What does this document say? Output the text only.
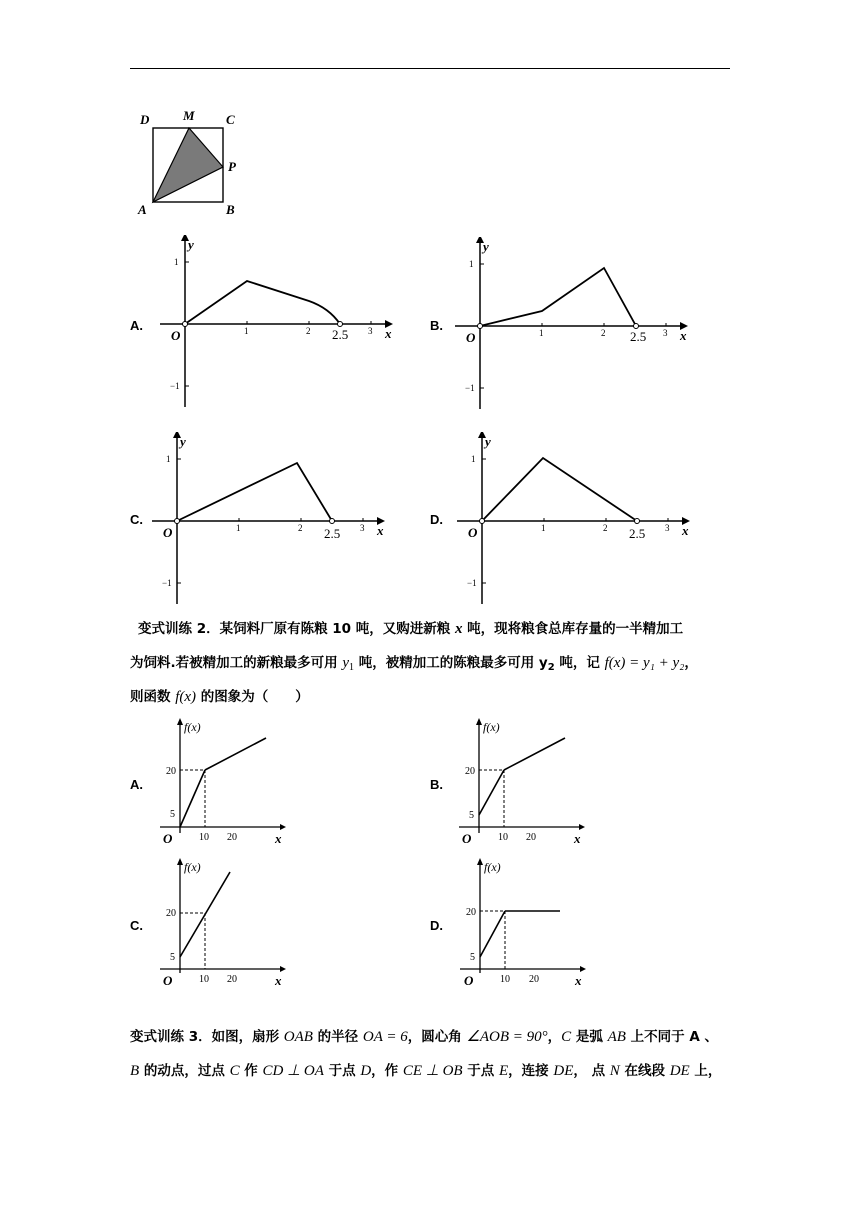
D	M C
P
A	B
A.	1	2	3
1
−1
2.5
y
x
O
B.	1	2	3
1
−1
2.5
y
x
O
C.
1	2	3
1
−1
2.5
y
x
O
D.
1	2	3
1
−1
2.5
y
x
O
变式训练 2．某饲料厂原有陈粮 10 吨，又购进新粮 x 吨，现将粮食总库存量的一半精加工
为饲料.若被精加工的新粮最多可用 $y_1$ 吨，被精加工的陈粮最多可用 $y_2$ 吨，记 f(x) = y₁ + y₂，
则函数 f(x) 的图象为（　　）
A.
f(x)
20
5
10 20
O	x
B.
f(x)
20
5
10 20
O	x
C.
f(x)
20
5
10 20
O	x
D.
f(x)
20
5
10 20
O	x
变式训练 3．如图，扇形 OAB 的半径 OA = 6，圆心角 ∠AOB = 90°，C 是弧 AB 上不同于 A 、
B 的动点，过点 C 作 CD ⊥ OA 于点 D，作 CE ⊥ OB 于点 E，连接 DE， 点 N 在线段 DE 上，
